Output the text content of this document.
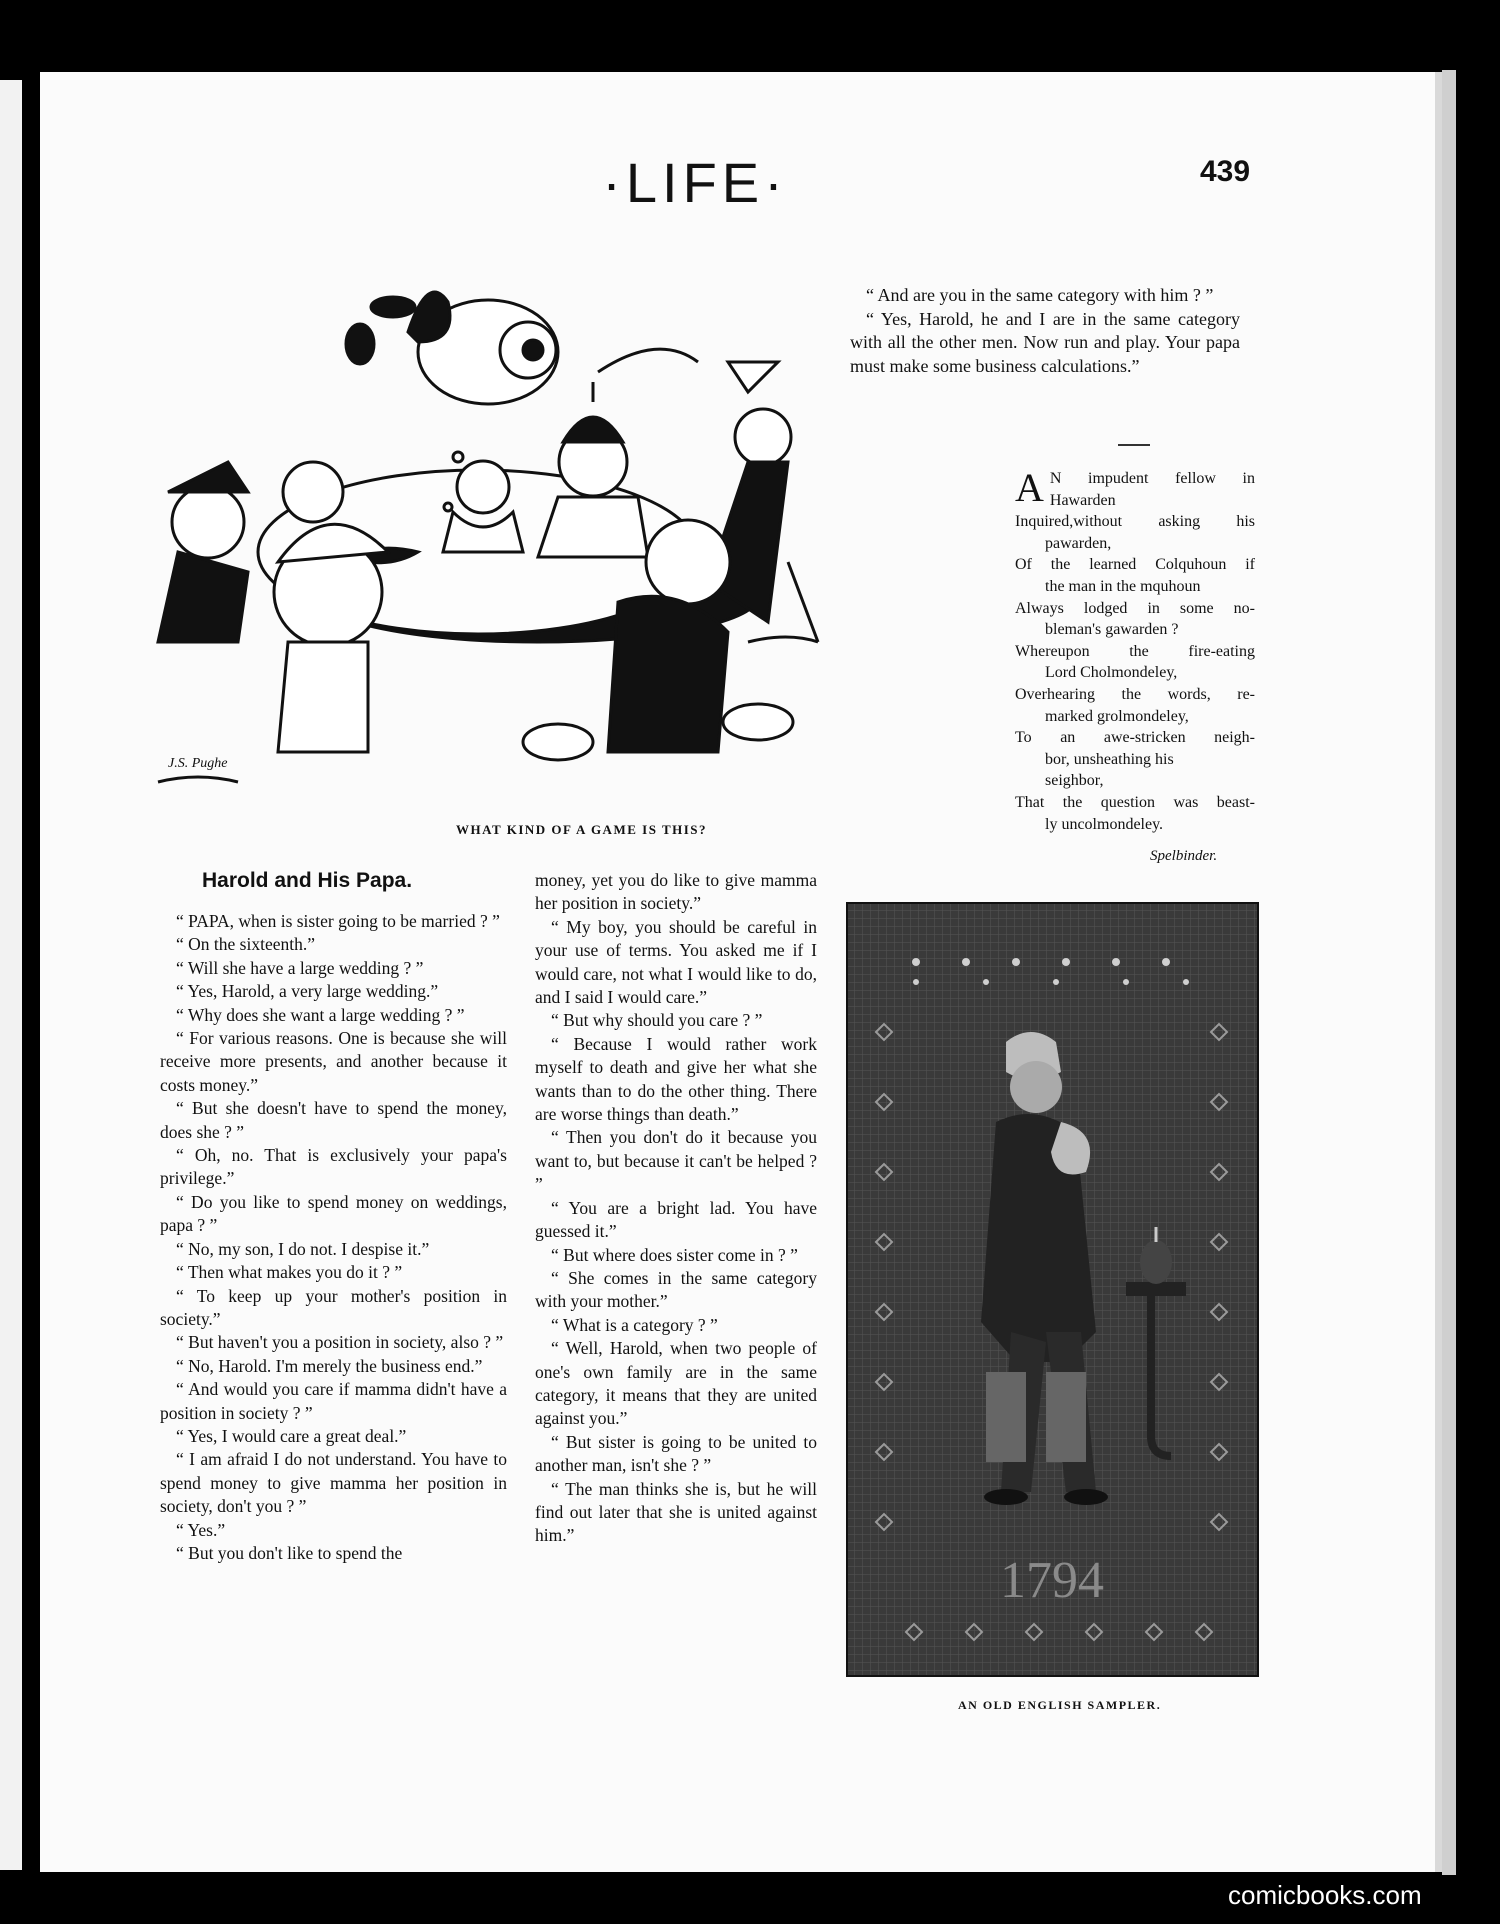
·LIFE·	439
J.S. Pughe
WHAT KIND OF A GAME IS THIS?

“ And are you in the same category with him ? ”

“ Yes, Harold, he and I are in the same category with all the other men. Now run and play. Your papa must make some business calculations.”

A N impudent fellow in
Hawarden
Inquired,without asking his
pawarden,
Of the learned Colquhoun if
the man in the mquhoun
Always lodged in some no-
bleman's gawarden ?
Whereupon the fire-eating
Lord Cholmondeley,
Overhearing the words, re-
marked grolmondeley,
To an awe-stricken neigh-
bor, unsheathing his
seighbor,
That the question was beast-
ly uncolmondeley.
Spelbinder.
Harold and His Papa.

“ PAPA, when is sister going to be married ? ”

“ On the sixteenth.”

“ Will she have a large wedding ? ”

“ Yes, Harold, a very large wedding.”

“ Why does she want a large wedding ? ”

“ For various reasons. One is because she will receive more presents, and another because it costs money.”

“ But she doesn't have to spend the money, does she ? ”

“ Oh, no. That is exclusively your papa's privilege.”

“ Do you like to spend money on weddings, papa ? ”

“ No, my son, I do not. I despise it.”

“ Then what makes you do it ? ”

“ To keep up your mother's position in society.”

“ But haven't you a position in society, also ? ”

“ No, Harold. I'm merely the business end.”

“ And would you care if mamma didn't have a position in society ? ”

“ Yes, I would care a great deal.”

“ I am afraid I do not understand. You have to spend money to give mamma her position in society, don't you ? ”

“ Yes.”

“ But you don't like to spend the

money, yet you do like to give mamma her position in society.”

“ My boy, you should be careful in your use of terms. You asked me if I would care, not what I would like to do, and I said I would care.”

“ But why should you care ? ”

“ Because I would rather work myself to death and give her what she wants than to do the other thing. There are worse things than death.”

“ Then you don't do it because you want to, but because it can't be helped ? ”

“ You are a bright lad. You have guessed it.”

“ But where does sister come in ? ”

“ She comes in the same category with your mother.”

“ What is a category ? ”

“ Well, Harold, when two people of one's own family are in the same category, it means that they are united against you.”

“ But sister is going to be united to another man, isn't she ? ”

“ The man thinks she is, but he will find out later that she is united against him.”

1794
AN OLD ENGLISH SAMPLER.
comicbooks.com
